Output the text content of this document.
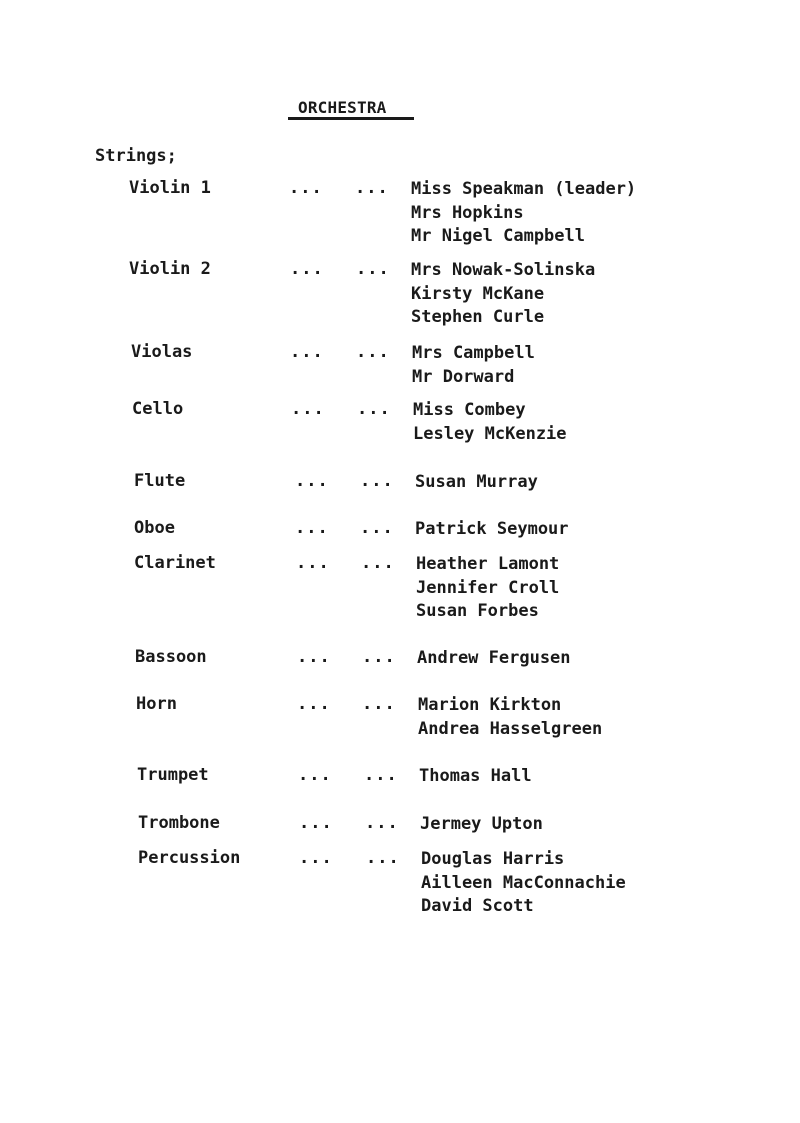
ORCHESTRA
Strings;
Violin 1	... ... Miss Speakman (leader)
Mrs Hopkins
Mr Nigel Campbell
Violin 2	... ... Mrs Nowak-Solinska
Kirsty McKane
Stephen Curle
Violas	... ... Mrs Campbell
Mr Dorward
Cello	... ... Miss Combey
Lesley McKenzie
Flute	... ... Susan Murray
Oboe	... ... Patrick Seymour
Clarinet	... ... Heather Lamont
Jennifer Croll
Susan Forbes
Bassoon	... ... Andrew Fergusen
Horn	... ... Marion Kirkton
Andrea Hasselgreen
Trumpet	... ... Thomas Hall
Trombone	... ... Jermey Upton
Percussion	... ... Douglas Harris
Ailleen MacConnachie
David Scott
